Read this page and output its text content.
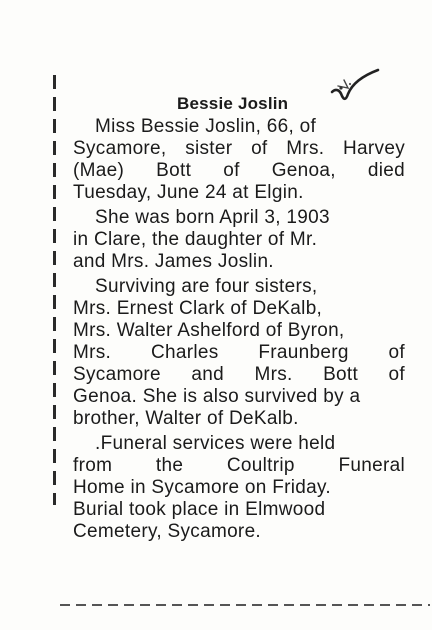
Bessie Joslin

Miss Bessie Joslin, 66, of
Sycamore, sister of Mrs. Harvey
(Mae) Bott of Genoa, died
Tuesday, June 24 at Elgin.

She was born April 3, 1903
in Clare, the daughter of Mr.
and Mrs. James Joslin.

Surviving are four sisters,
Mrs. Ernest Clark of DeKalb,
Mrs. Walter Ashelford of Byron,
Mrs. Charles Fraunberg of
Sycamore and Mrs. Bott of
Genoa. She is also survived by a
brother, Walter of DeKalb.

.Funeral services were held
from the Coultrip Funeral
Home in Sycamore on Friday.
Burial took place in Elmwood
Cemetery, Sycamore.
